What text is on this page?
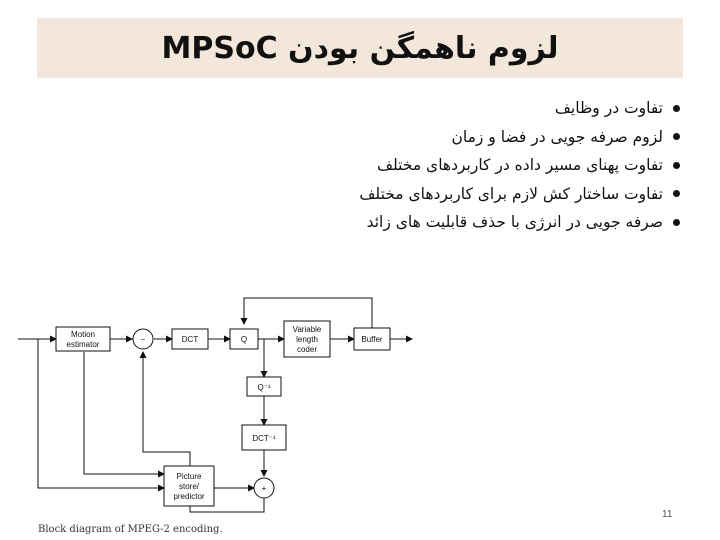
لزوم ناهمگن بودن MPSoC
تفاوت در وظایف
لزوم صرفه جویی در فضا و زمان
تفاوت پهنای مسیر داده در کاربردهای مختلف
تفاوت ساختار کش لازم برای کاربردهای مختلف
صرفه جویی در انرژی با حذف قابلیت های زائد
Motion
estimator
−	DCT	Q
Variable
length
coder
Buffer
Q⁻¹
DCT⁻¹
+
Picture
store/
predictor
Block diagram of MPEG-2 encoding.
11
